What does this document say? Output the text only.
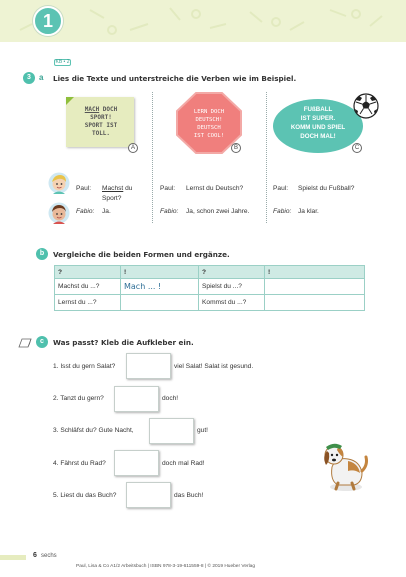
1
KB • 2
3	a Lies die Texte und unterstreiche die Verben wie im Beispiel.
MACH DOCH
SPORT!
SPORT IST
TOLL.
A
LERN DOCH
DEUTSCH!
DEUTSCH
IST COOL!
B
FUßBALL
IST SUPER.
KOMM UND SPIEL
DOCH MAL!
C
Paul: Machst du
Sport?
Fabio: Ja.
Paul: Lernst du Deutsch?
Fabio: Ja, schon zwei Jahre.
Paul: Spielst du Fußball?
Fabio: Ja klar.
b	Vergleiche die beiden Formen und ergänze.
?	!	?	!
Machst du ...?	Mach ... !	Spielst du ...?	
Lernst du ...?		Kommst du ...?	
c	Was passt? Kleb die Aufkleber ein.
1. Isst du gern Salat?	viel Salat! Salat ist gesund.
2. Tanzt du gern?	doch!
3. Schläfst du? Gute Nacht,	gut!
4. Fährst du Rad?	doch mal Rad!
5. Liest du das Buch?	das Buch!
6 sechs
Paul, Lisa & Co A1/2 Arbeitsbuch | ISBN 978-3-19-611559-8 | © 2019 Hueber Verlag
